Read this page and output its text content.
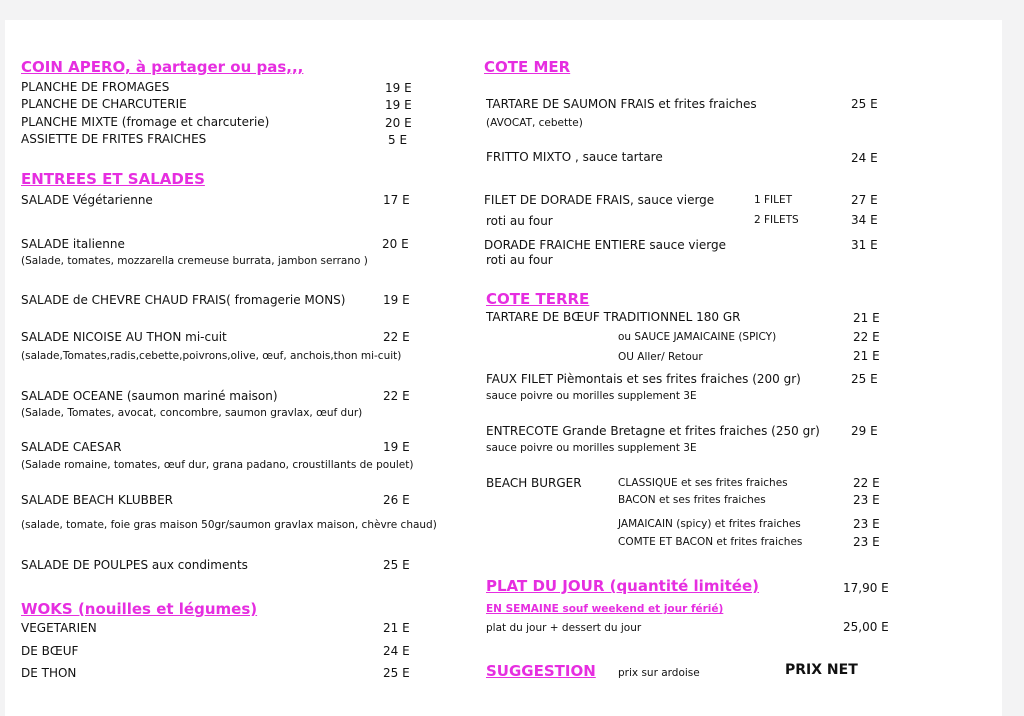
COIN APERO, à partager ou pas,,,
PLANCHE DE FROMAGES	19 E
PLANCHE DE CHARCUTERIE	19 E
PLANCHE MIXTE (fromage et charcuterie)	20 E
ASSIETTE DE FRITES FRAICHES	5 E
ENTREES ET SALADES
SALADE Végétarienne	17 E
SALADE italienne	20 E
(Salade, tomates, mozzarella cremeuse burrata, jambon serrano )
SALADE de CHEVRE CHAUD FRAIS( fromagerie MONS)	19 E
SALADE NICOISE AU THON mi-cuit	22 E
(salade,Tomates,radis,cebette,poivrons,olive, œuf, anchois,thon mi-cuit)
SALADE OCEANE (saumon mariné maison)	22 E
(Salade, Tomates, avocat, concombre, saumon gravlax, œuf dur)
SALADE CAESAR	19 E
(Salade romaine, tomates, œuf dur, grana padano, croustillants de poulet)
SALADE BEACH KLUBBER	26 E
(salade, tomate, foie gras maison 50gr/saumon gravlax maison, chèvre chaud)
SALADE DE POULPES aux condiments	25 E
WOKS (nouilles et légumes)
VEGETARIEN	21 E
DE BŒUF	24 E
DE THON	25 E
COTE MER
TARTARE DE SAUMON FRAIS et frites fraiches	25 E
(AVOCAT, cebette)
FRITTO MIXTO , sauce tartare	24 E
FILET DE DORADE FRAIS, sauce vierge	1 FILET	27 E
roti au four	2 FILETS	34 E
DORADE FRAICHE ENTIERE sauce vierge	31 E
roti au four
COTE TERRE
TARTARE DE BŒUF TRADITIONNEL 180 GR	21 E
ou SAUCE JAMAICAINE (SPICY)	22 E
OU Aller/ Retour	21 E
FAUX FILET Pièmontais et ses frites fraiches (200 gr)	25 E
sauce poivre ou morilles supplement 3E
ENTRECOTE Grande Bretagne et frites fraiches (250 gr)	29 E
sauce poivre ou morilles supplement 3E
BEACH BURGER	CLASSIQUE et ses frites fraiches	22 E
BACON et ses frites fraiches	23 E
JAMAICAIN (spicy) et frites fraiches	23 E
COMTE ET BACON et frites fraiches	23 E
PLAT DU JOUR (quantité limitée)	17,90 E
EN SEMAINE souf weekend et jour férié)
plat du jour + dessert du jour	25,00 E
SUGGESTION prix sur ardoise	PRIX NET
